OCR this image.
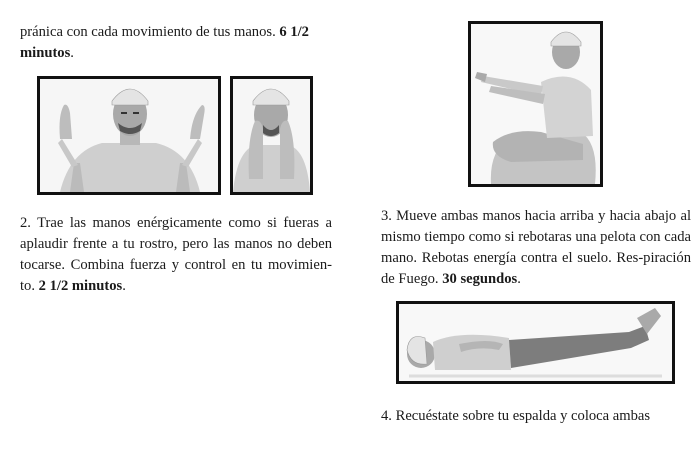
pránica con cada movimiento de tus manos. 6 1/2
minutos.
2. Trae las manos enérgicamente como si fueras a aplaudir frente a tu rostro, pero las manos no deben tocarse. Combina fuerza y control en tu movimien-to. 2 1/2 minutos.
3. Mueve ambas manos hacia arriba y hacia abajo al mismo tiempo como si rebotaras una pelota con cada mano. Rebotas energía contra el suelo. Res-piración de Fuego. 30 segundos.
4. Recuéstate sobre tu espalda y coloca ambas
